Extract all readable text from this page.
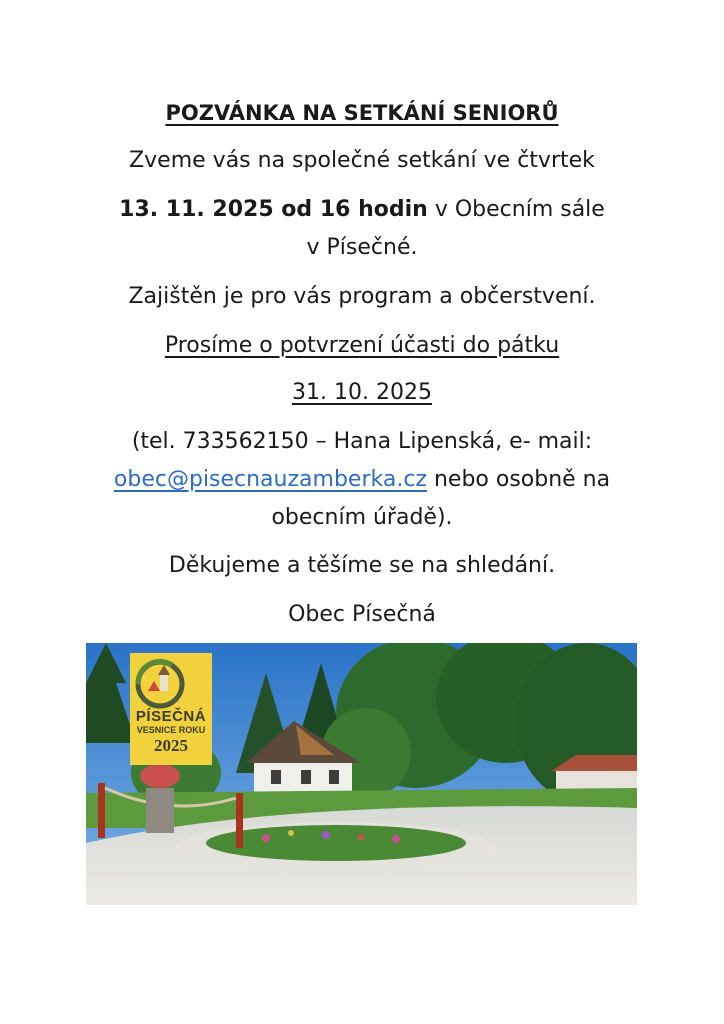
POZVÁNKA NA SETKÁNÍ SENIORŮ
Zveme vás na společné setkání ve čtvrtek
13. 11. 2025 od 16 hodin v Obecním sále
v Písečné.
Zajištěn je pro vás program a občerstvení.
Prosíme o potvrzení účasti do pátku
31. 10. 2025
(tel. 733562150 – Hana Lipenská, e- mail:
obec@pisecnauzamberka.cz nebo osobně na
obecním úřadě).
Děkujeme a těšíme se na shledání.
Obec Písečná
PÍSEČNÁ
VESNICE ROKU
2025
